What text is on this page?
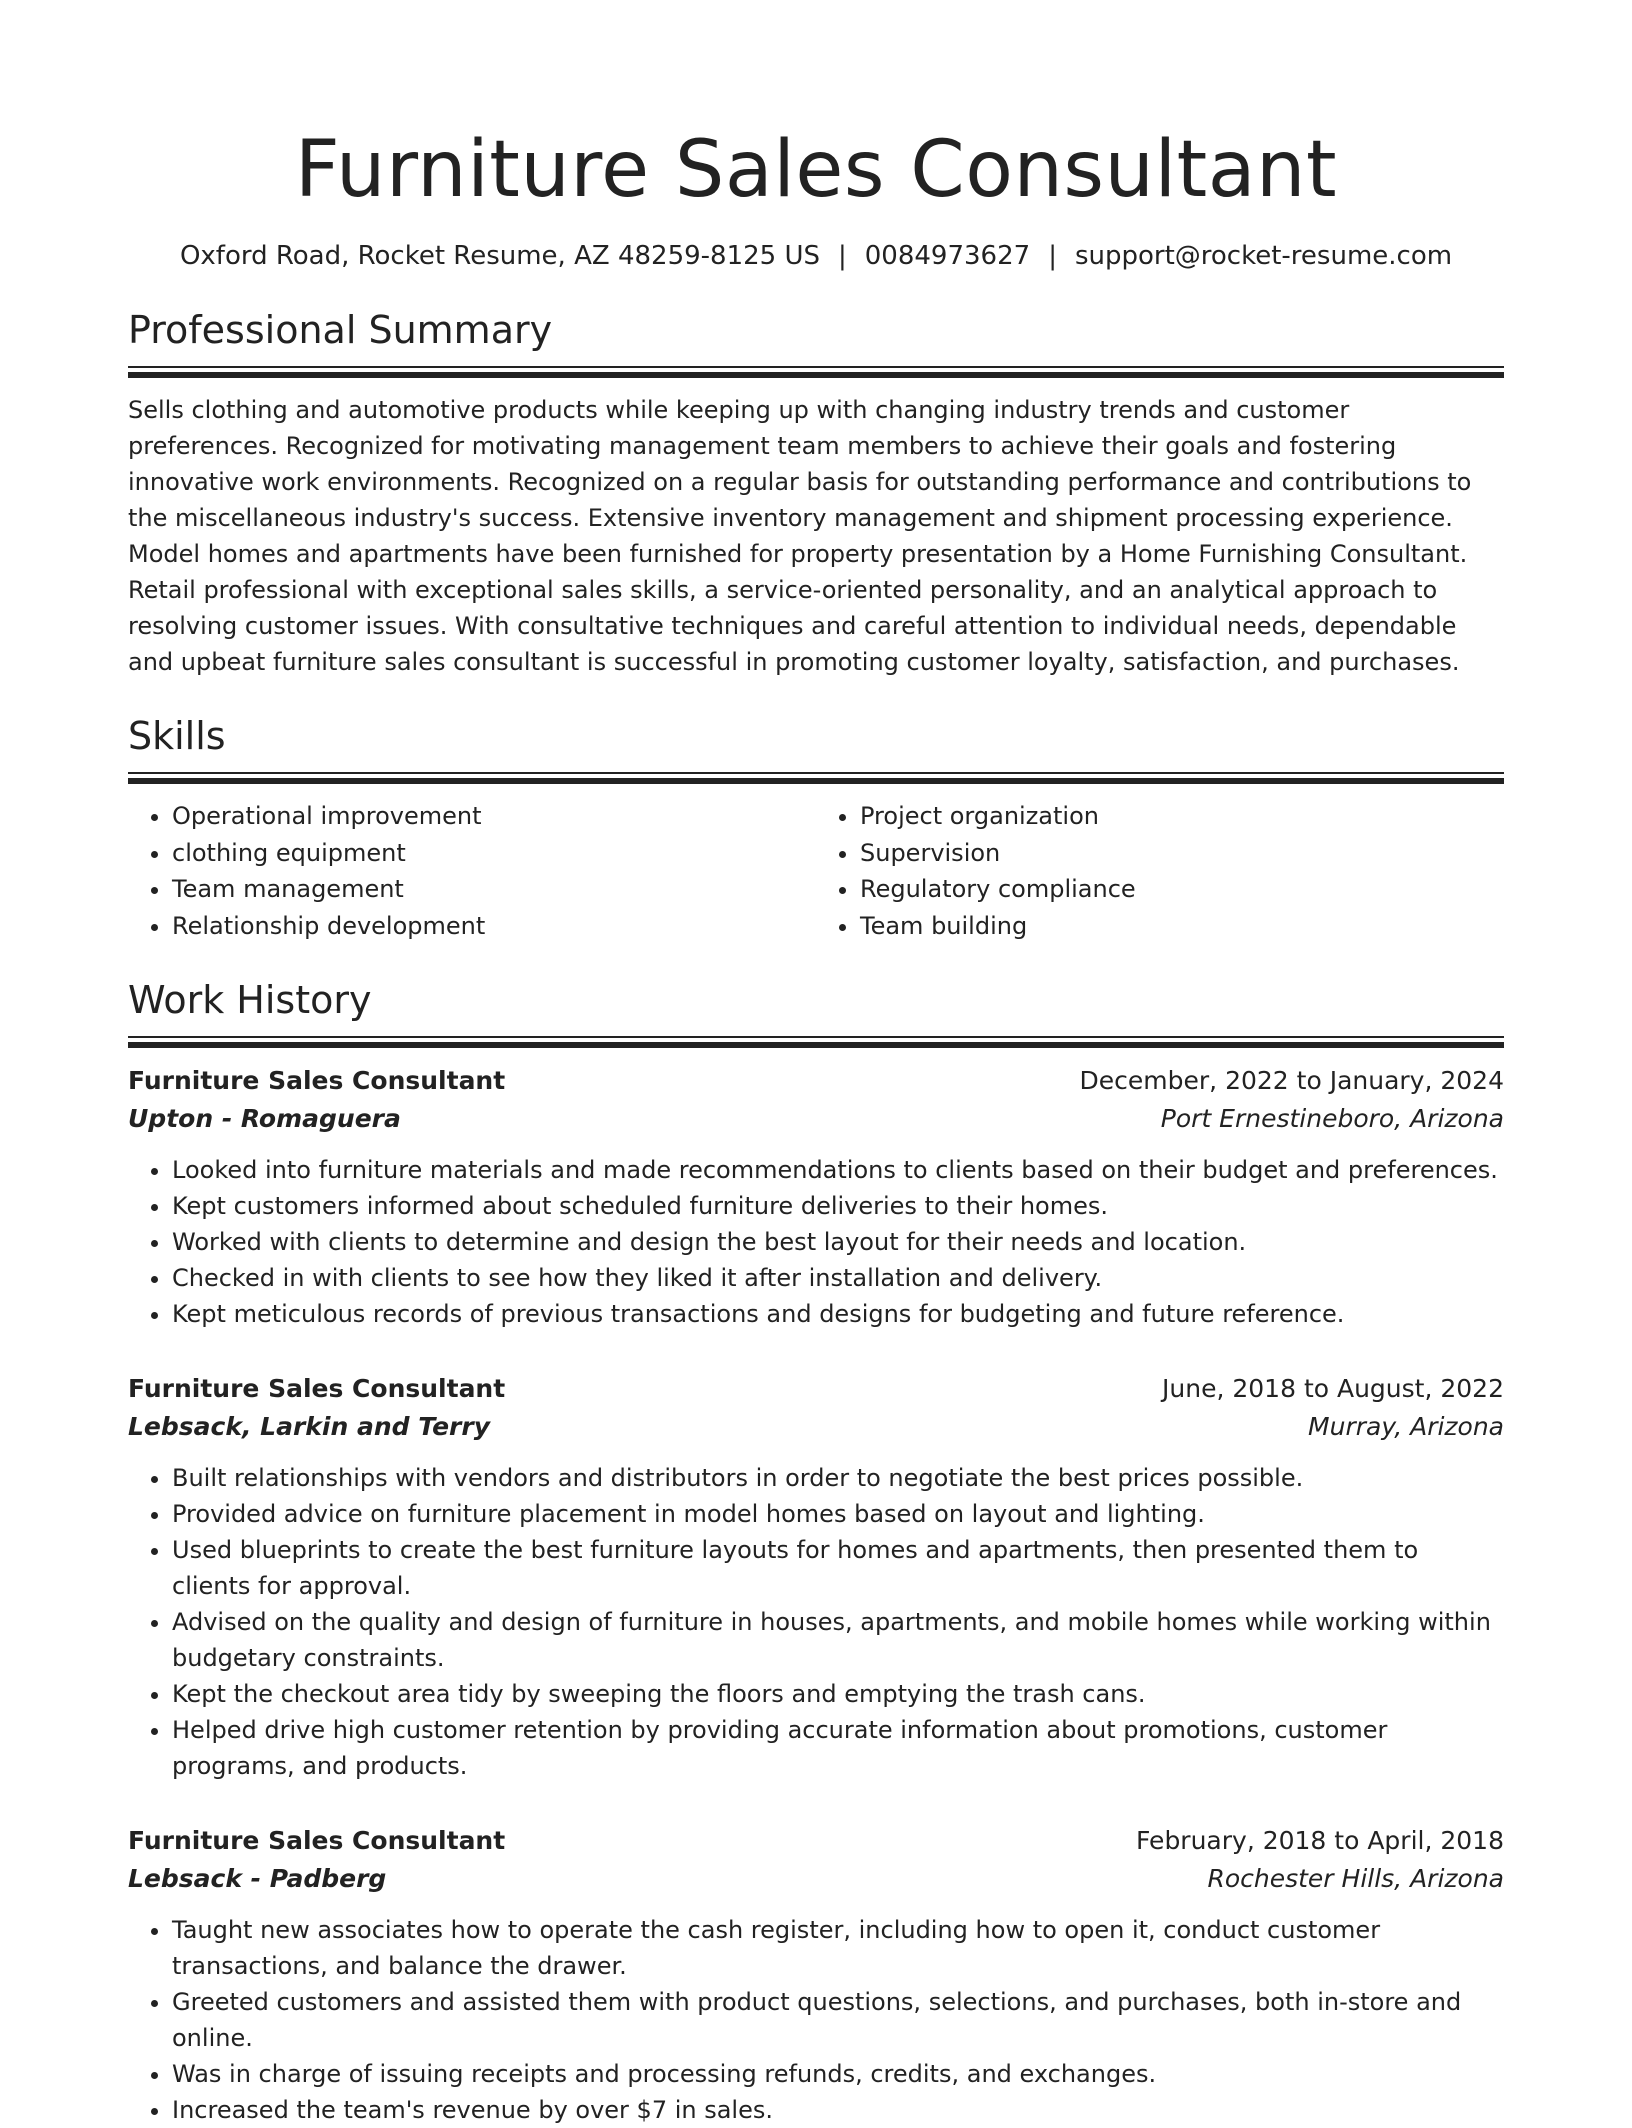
Furniture Sales Consultant
Oxford Road, Rocket Resume, AZ 48259-8125 US | 0084973627 | support@rocket-resume.com
Professional Summary

Sells clothing and automotive products while keeping up with changing industry trends and customer preferences. Recognized for motivating management team members to achieve their goals and fostering innovative work environments. Recognized on a regular basis for outstanding performance and contributions to the miscellaneous industry's success. Extensive inventory management and shipment processing experience. Model homes and apartments have been furnished for property presentation by a Home Furnishing Consultant. Retail professional with exceptional sales skills, a service-oriented personality, and an analytical approach to resolving customer issues. With consultative techniques and careful attention to individual needs, dependable and upbeat furniture sales consultant is successful in promoting customer loyalty, satisfaction, and purchases.

Skills
• Operational improvement
• clothing equipment
• Team management
• Relationship development
• Project organization
• Supervision
• Regulatory compliance
• Team building
Work History
Furniture Sales Consultant	December, 2022 to January, 2024
Upton - Romaguera	Port Ernestineboro, Arizona
• Looked into furniture materials and made recommendations to clients based on their budget and preferences.
• Kept customers informed about scheduled furniture deliveries to their homes.
• Worked with clients to determine and design the best layout for their needs and location.
• Checked in with clients to see how they liked it after installation and delivery.
• Kept meticulous records of previous transactions and designs for budgeting and future reference.
Furniture Sales Consultant	June, 2018 to August, 2022
Lebsack, Larkin and Terry	Murray, Arizona
• Built relationships with vendors and distributors in order to negotiate the best prices possible.
• Provided advice on furniture placement in model homes based on layout and lighting.
• Used blueprints to create the best furniture layouts for homes and apartments, then presented them to clients for approval.
• Advised on the quality and design of furniture in houses, apartments, and mobile homes while working within budgetary constraints.
• Kept the checkout area tidy by sweeping the floors and emptying the trash cans.
• Helped drive high customer retention by providing accurate information about promotions, customer programs, and products.
Furniture Sales Consultant	February, 2018 to April, 2018
Lebsack - Padberg	Rochester Hills, Arizona
• Taught new associates how to operate the cash register, including how to open it, conduct customer transactions, and balance the drawer.
• Greeted customers and assisted them with product questions, selections, and purchases, both in-store and online.
• Was in charge of issuing receipts and processing refunds, credits, and exchanges.
• Increased the team's revenue by over $7 in sales.
